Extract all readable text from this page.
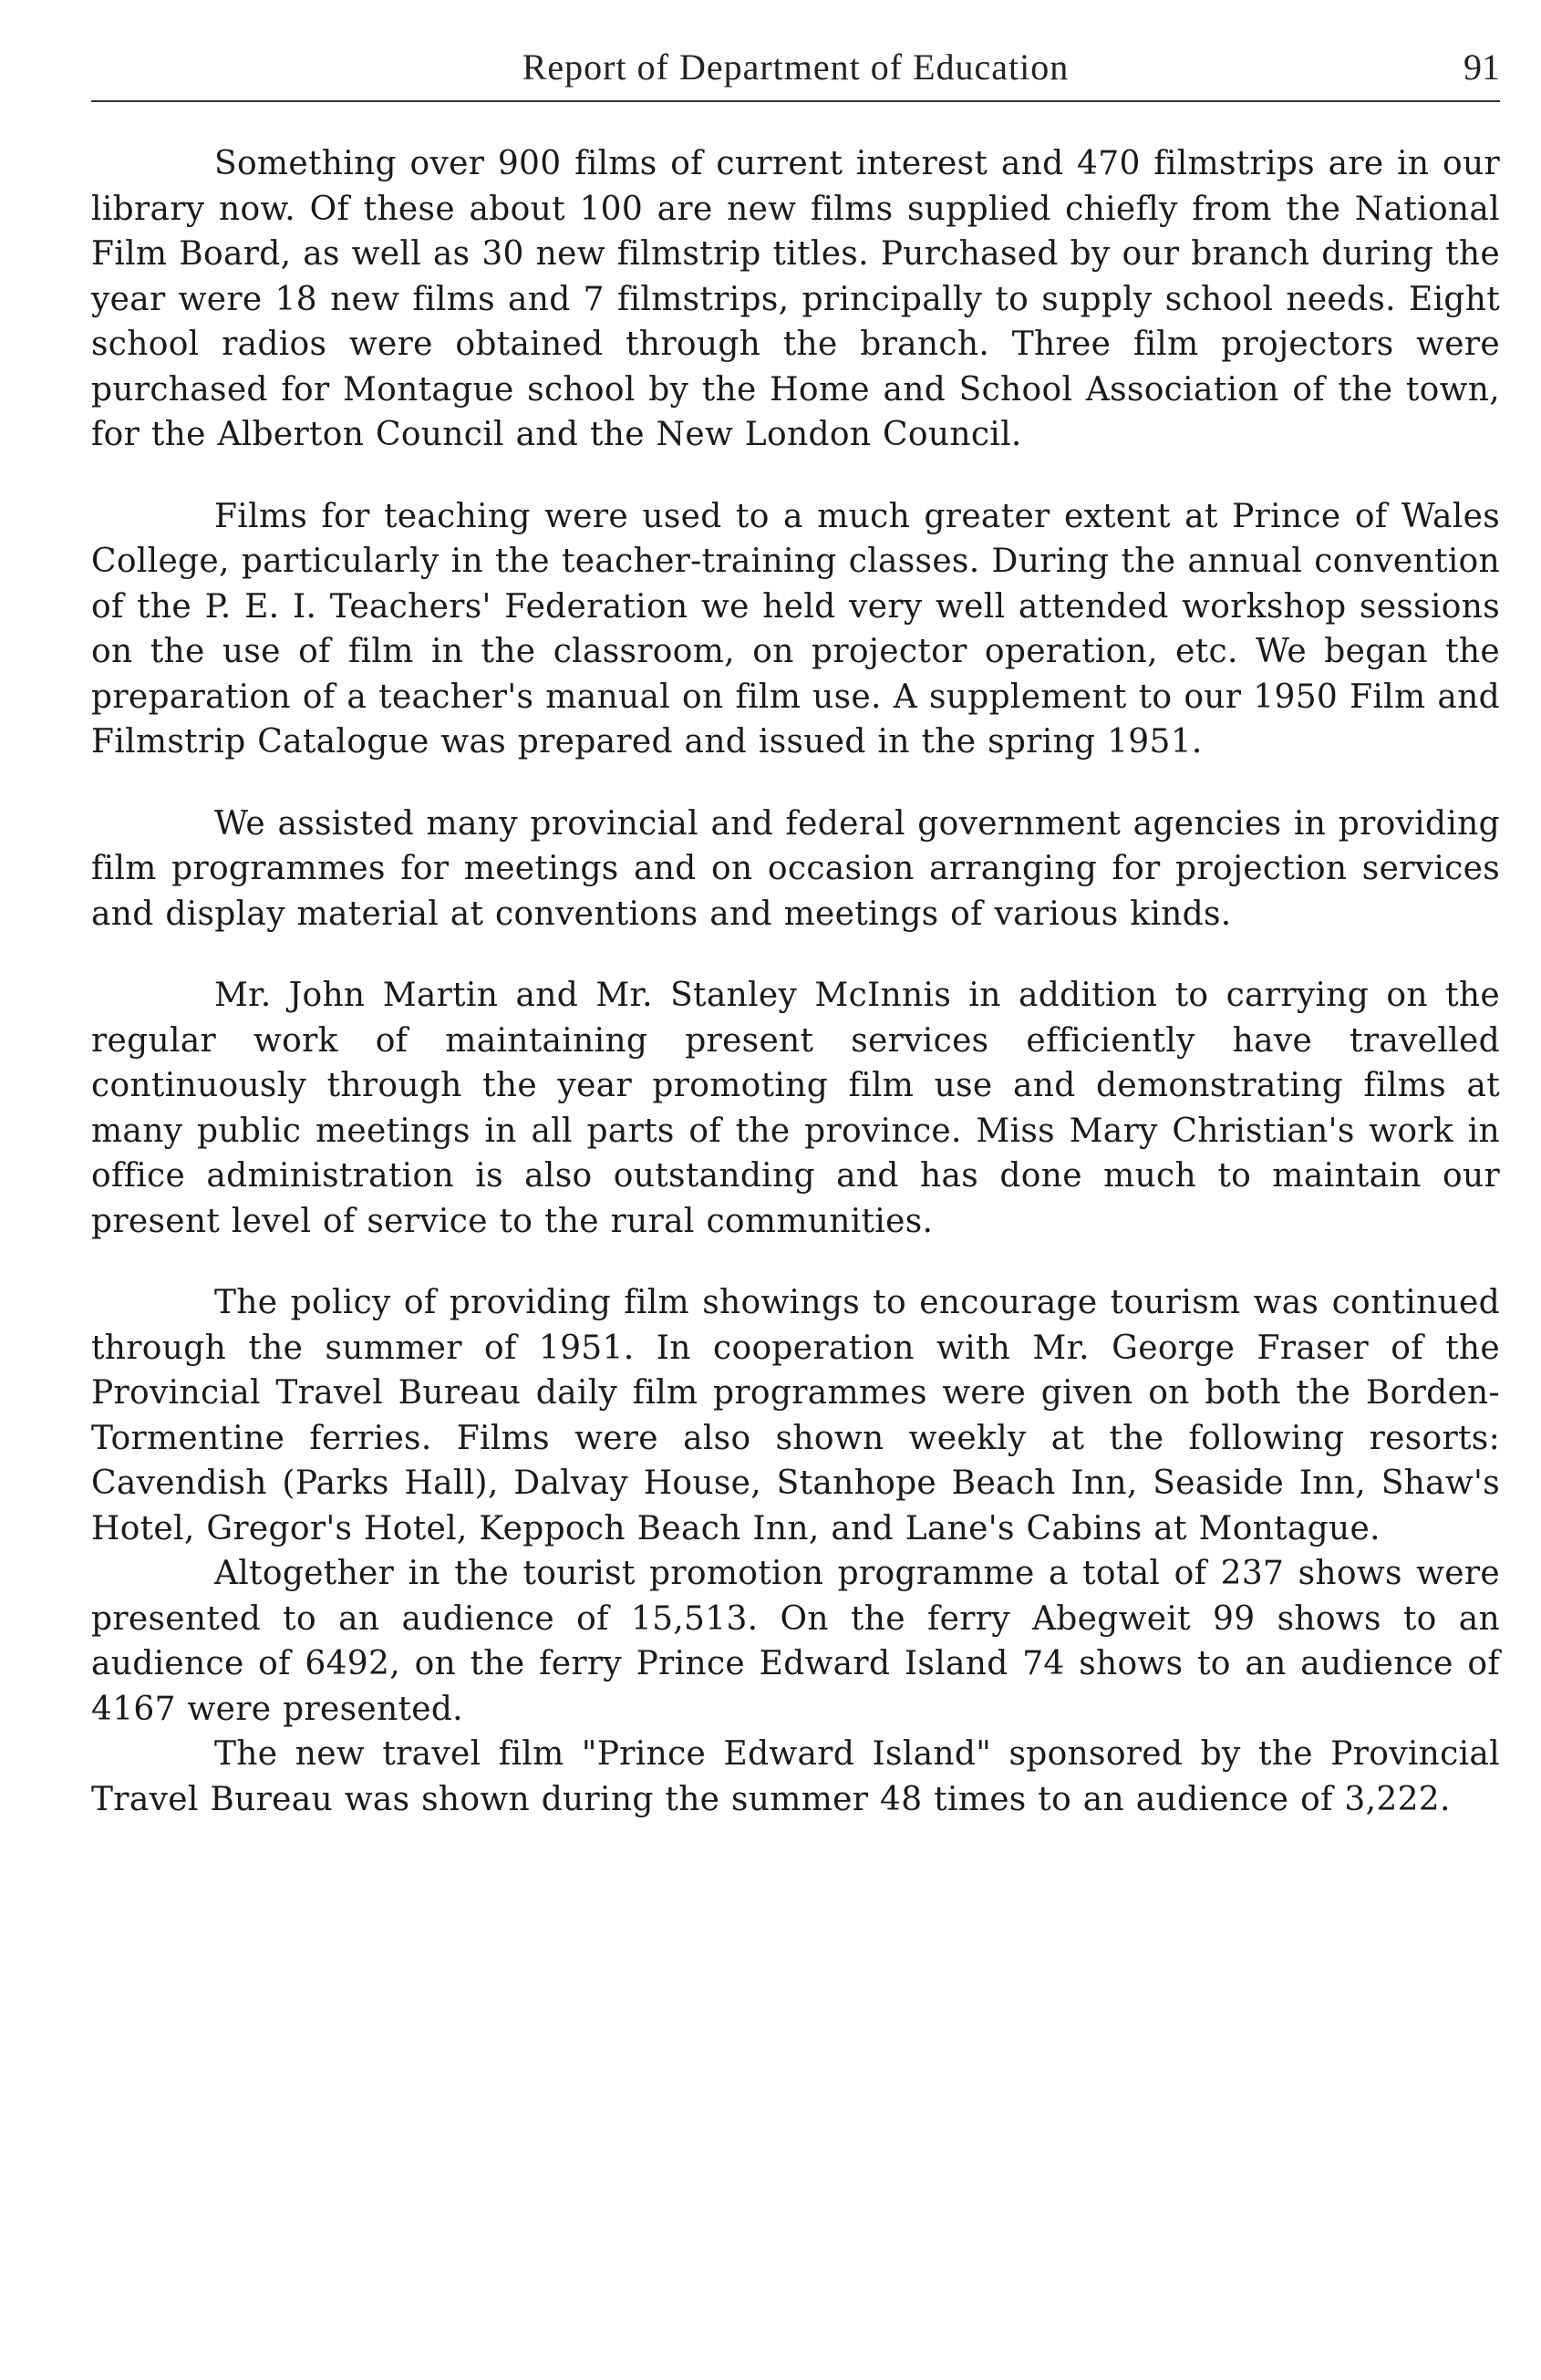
Report of Department of Education	91

Something over 900 films of current interest and 470 filmstrips are in our library now. Of these about 100 are new films supplied chiefly from the National Film Board, as well as 30 new filmstrip titles. Purchased by our branch during the year were 18 new films and 7 filmstrips, principally to supply school needs. Eight school radios were obtained through the branch. Three film projectors were purchased for Montague school by the Home and School Association of the town, for the Alberton Council and the New London Council.

Films for teaching were used to a much greater extent at Prince of Wales College, particularly in the teacher-training classes. During the annual convention of the P. E. I. Teachers' Federation we held very well attended workshop sessions on the use of film in the classroom, on projector operation, etc. We began the preparation of a teacher's manual on film use. A supplement to our 1950 Film and Filmstrip Catalogue was prepared and issued in the spring 1951.

We assisted many provincial and federal government agencies in providing film programmes for meetings and on occasion arranging for projection services and display material at conventions and meetings of various kinds.

Mr. John Martin and Mr. Stanley McInnis in addition to carrying on the regular work of maintaining present services efficiently have travelled continuously through the year promoting film use and demonstrating films at many public meetings in all parts of the province. Miss Mary Christian's work in office administration is also outstanding and has done much to maintain our present level of service to the rural communities.

The policy of providing film showings to encourage tourism was continued through the summer of 1951. In cooperation with Mr. George Fraser of the Provincial Travel Bureau daily film programmes were given on both the Borden-Tormentine ferries. Films were also shown weekly at the following resorts: Cavendish (Parks Hall), Dalvay House, Stanhope Beach Inn, Seaside Inn, Shaw's Hotel, Gregor's Hotel, Keppoch Beach Inn, and Lane's Cabins at Montague.

Altogether in the tourist promotion programme a total of 237 shows were presented to an audience of 15,513. On the ferry Abegweit 99 shows to an audience of 6492, on the ferry Prince Edward Island 74 shows to an audience of 4167 were presented.

The new travel film "Prince Edward Island" sponsored by the Provincial Travel Bureau was shown during the summer 48 times to an audience of 3,222.
